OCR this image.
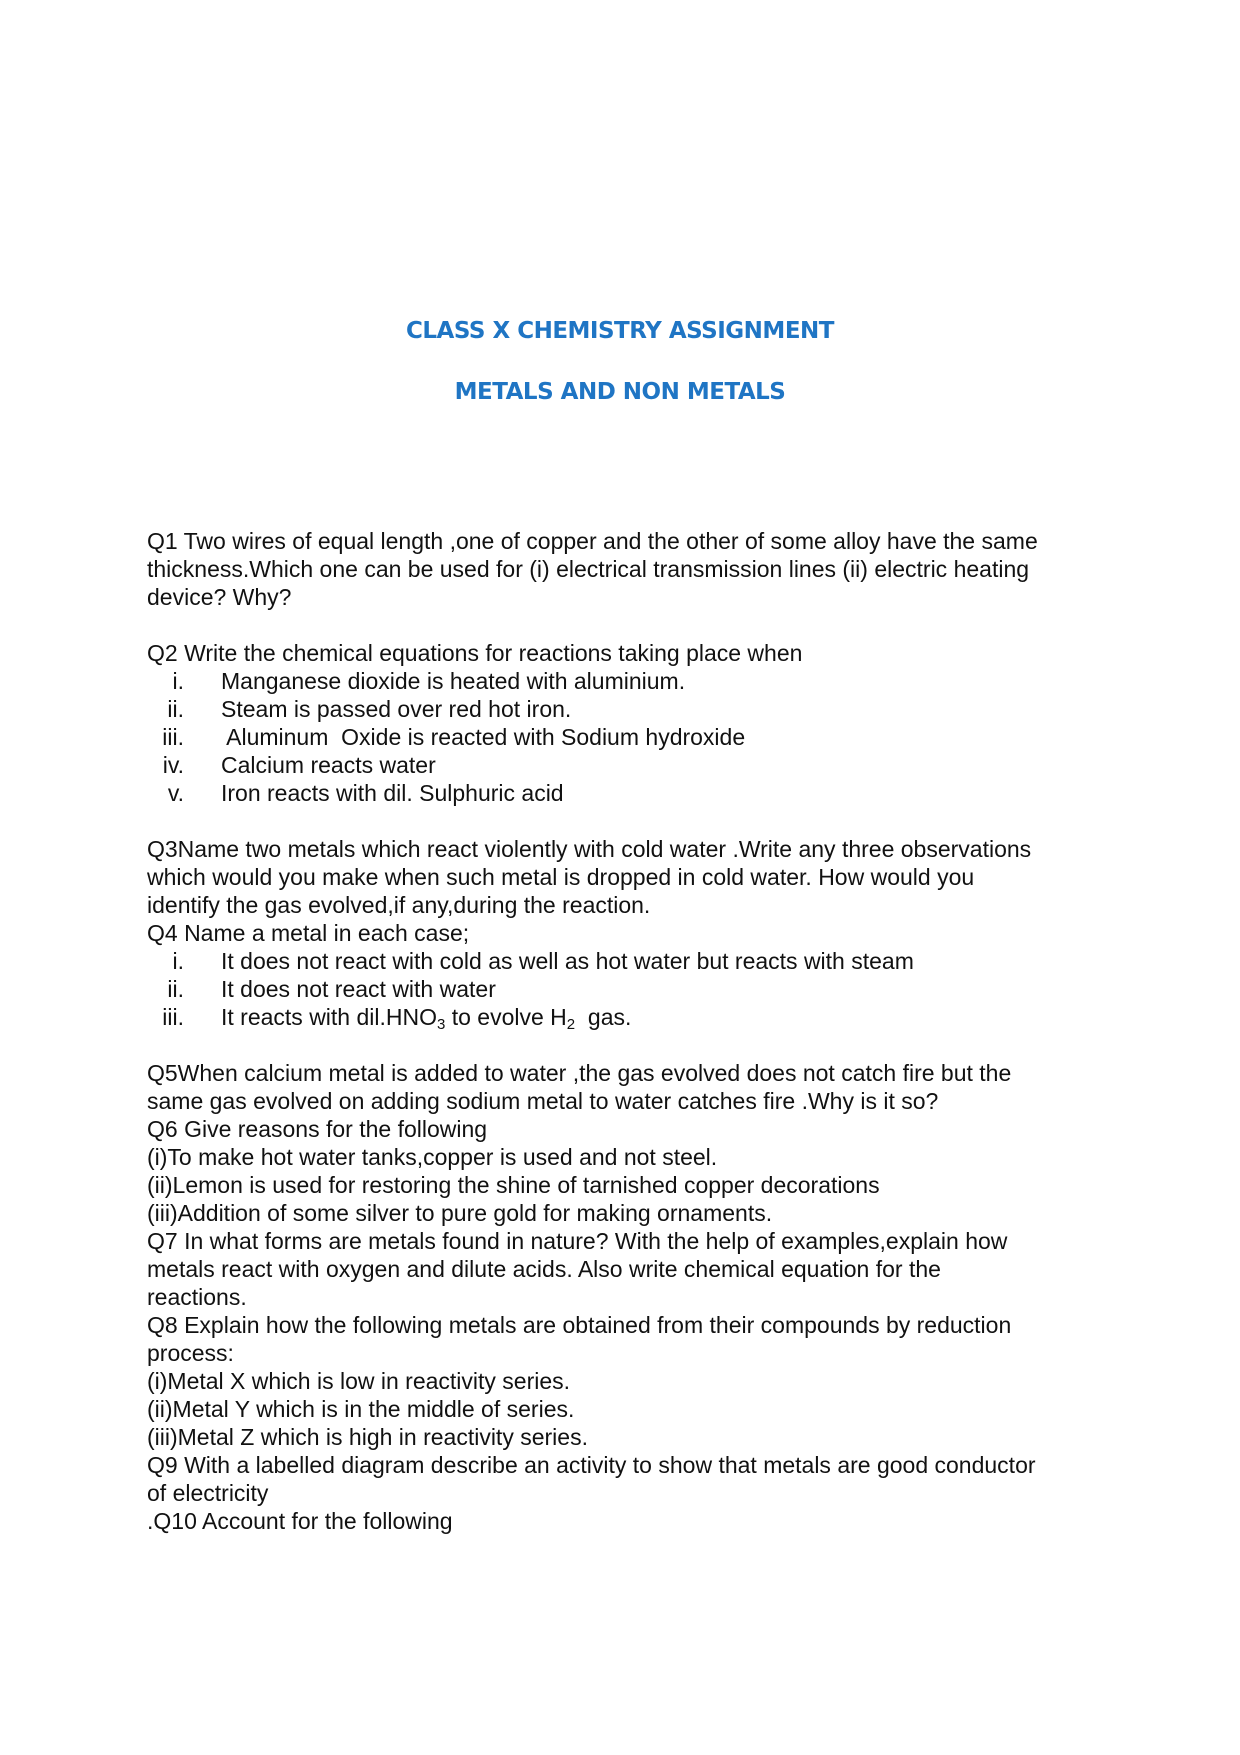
CLASS X CHEMISTRY ASSIGNMENT
METALS AND NON METALS
Q1 Two wires of equal length ,one of copper and the other of some alloy have the same
thickness.Which one can be used for (i) electrical transmission lines (ii) electric heating
device? Why?
Q2 Write the chemical equations for reactions taking place when
i. Manganese dioxide is heated with aluminium.
ii. Steam is passed over red hot iron.
iii. Aluminum  Oxide is reacted with Sodium hydroxide
iv. Calcium reacts water
v. Iron reacts with dil. Sulphuric acid
Q3Name two metals which react violently with cold water .Write any three observations
which would you make when such metal is dropped in cold water. How would you
identify the gas evolved,if any,during the reaction.
Q4 Name a metal in each case;
i. It does not react with cold as well as hot water but reacts with steam
ii. It does not react with water
iii. It reacts with $dil.HNO_3$ to evolve $H_2$  gas.
Q5When calcium metal is added to water ,the gas evolved does not catch fire but the
same gas evolved on adding sodium metal to water catches fire .Why is it so?
Q6 Give reasons for the following
(i)To make hot water tanks,copper is used and not steel.
(ii)Lemon is used for restoring the shine of tarnished copper decorations
(iii)Addition of some silver to pure gold for making ornaments.
Q7 In what forms are metals found in nature? With the help of examples,explain how
metals react with oxygen and dilute acids. Also write chemical equation for the
reactions.
Q8 Explain how the following metals are obtained from their compounds by reduction
process:
(i)Metal X which is low in reactivity series.
(ii)Metal Y which is in the middle of series.
(iii)Metal Z which is high in reactivity series.
Q9 With a labelled diagram describe an activity to show that metals are good conductor
of electricity
.Q10 Account for the following
